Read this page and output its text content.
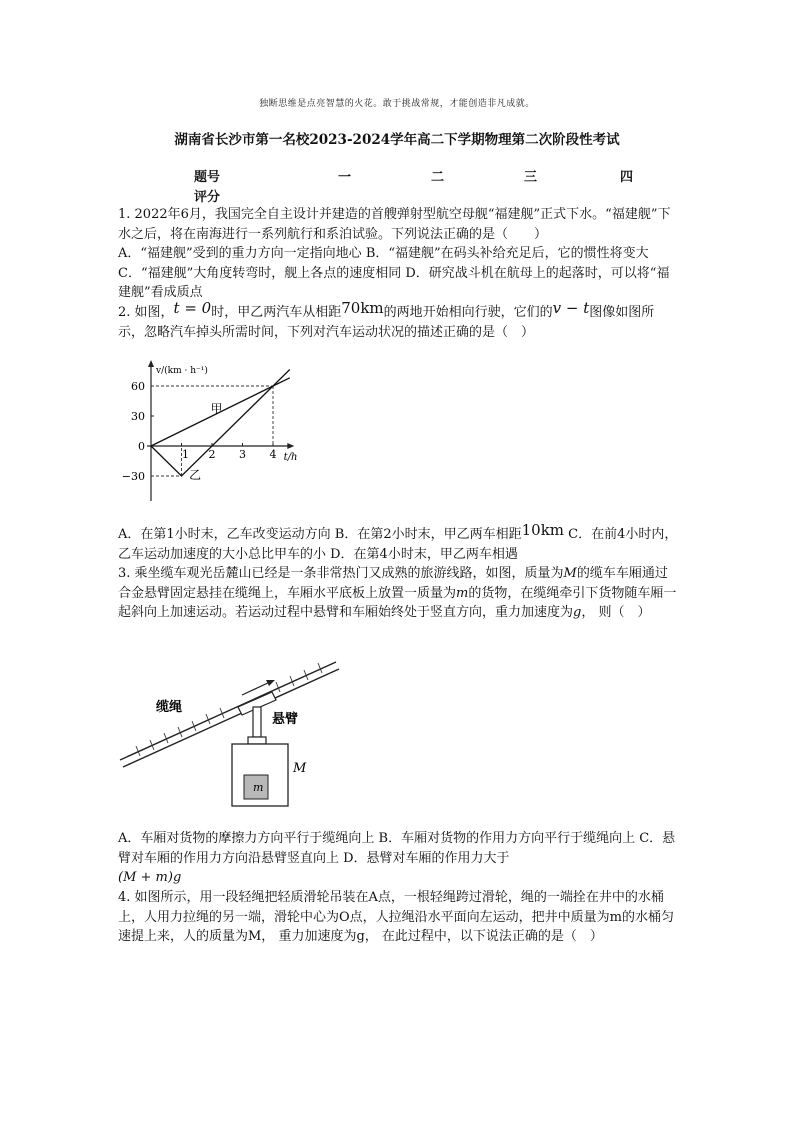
独断思维是点亮智慧的火花。敢于挑战常规，才能创造非凡成就。
湖南省长沙市第一名校2023-2024学年高二下学期物理第二次阶段性考试
题号	一	二	三	四
评分

1. 2022年6月，我国完全自主设计并建造的首艘弹射型航空母舰“福建舰”正式下水。“福建舰”下水之后，将在南海进行一系列航行和系泊试验。下列说法正确的是（　　）

A．“福建舰”受到的重力方向一定指向地心 B．“福建舰”在码头补给充足后，它的惯性将变大 C．“福建舰”大角度转弯时，舰上各点的速度相同 D．研究战斗机在航母上的起落时，可以将“福建舰”看成质点

2. 如图，t = 0时，甲乙两汽车从相距70km的两地开始相向行驶，它们的v − t图像如图所示，忽略汽车掉头所需时间，下列对汽车运动状况的描述正确的是（　）

60
30
0
−30
1 2 3 4 t/h
v/(km · h⁻¹)
甲
乙

A．在第1小时末，乙车改变运动方向 B．在第2小时末，甲乙两车相距10km C．在前4小时内，乙车运动加速度的大小总比甲车的小 D．在第4小时末，甲乙两车相遇

3. 乘坐缆车观光岳麓山已经是一条非常热门又成熟的旅游线路，如图，质量为M的缆车车厢通过合金悬臂固定悬挂在缆绳上，车厢水平底板上放置一质量为m的货物，在缆绳牵引下货物随车厢一起斜向上加速运动。若运动过程中悬臂和车厢始终处于竖直方向，重力加速度为g， 则（　）

m
M
缆绳
悬臂

A．车厢对货物的摩擦力方向平行于缆绳向上 B．车厢对货物的作用力方向平行于缆绳向上 C．悬臂对车厢的作用力方向沿悬臂竖直向上 D．悬臂对车厢的作用力大于
(M + m)g

4. 如图所示，用一段轻绳把轻质滑轮吊装在A点，一根轻绳跨过滑轮，绳的一端拴在井中的水桶上，人用力拉绳的另一端，滑轮中心为O点，人拉绳沿水平面向左运动，把井中质量为m的水桶匀速提上来，人的质量为M， 重力加速度为g， 在此过程中，以下说法正确的是（　）
